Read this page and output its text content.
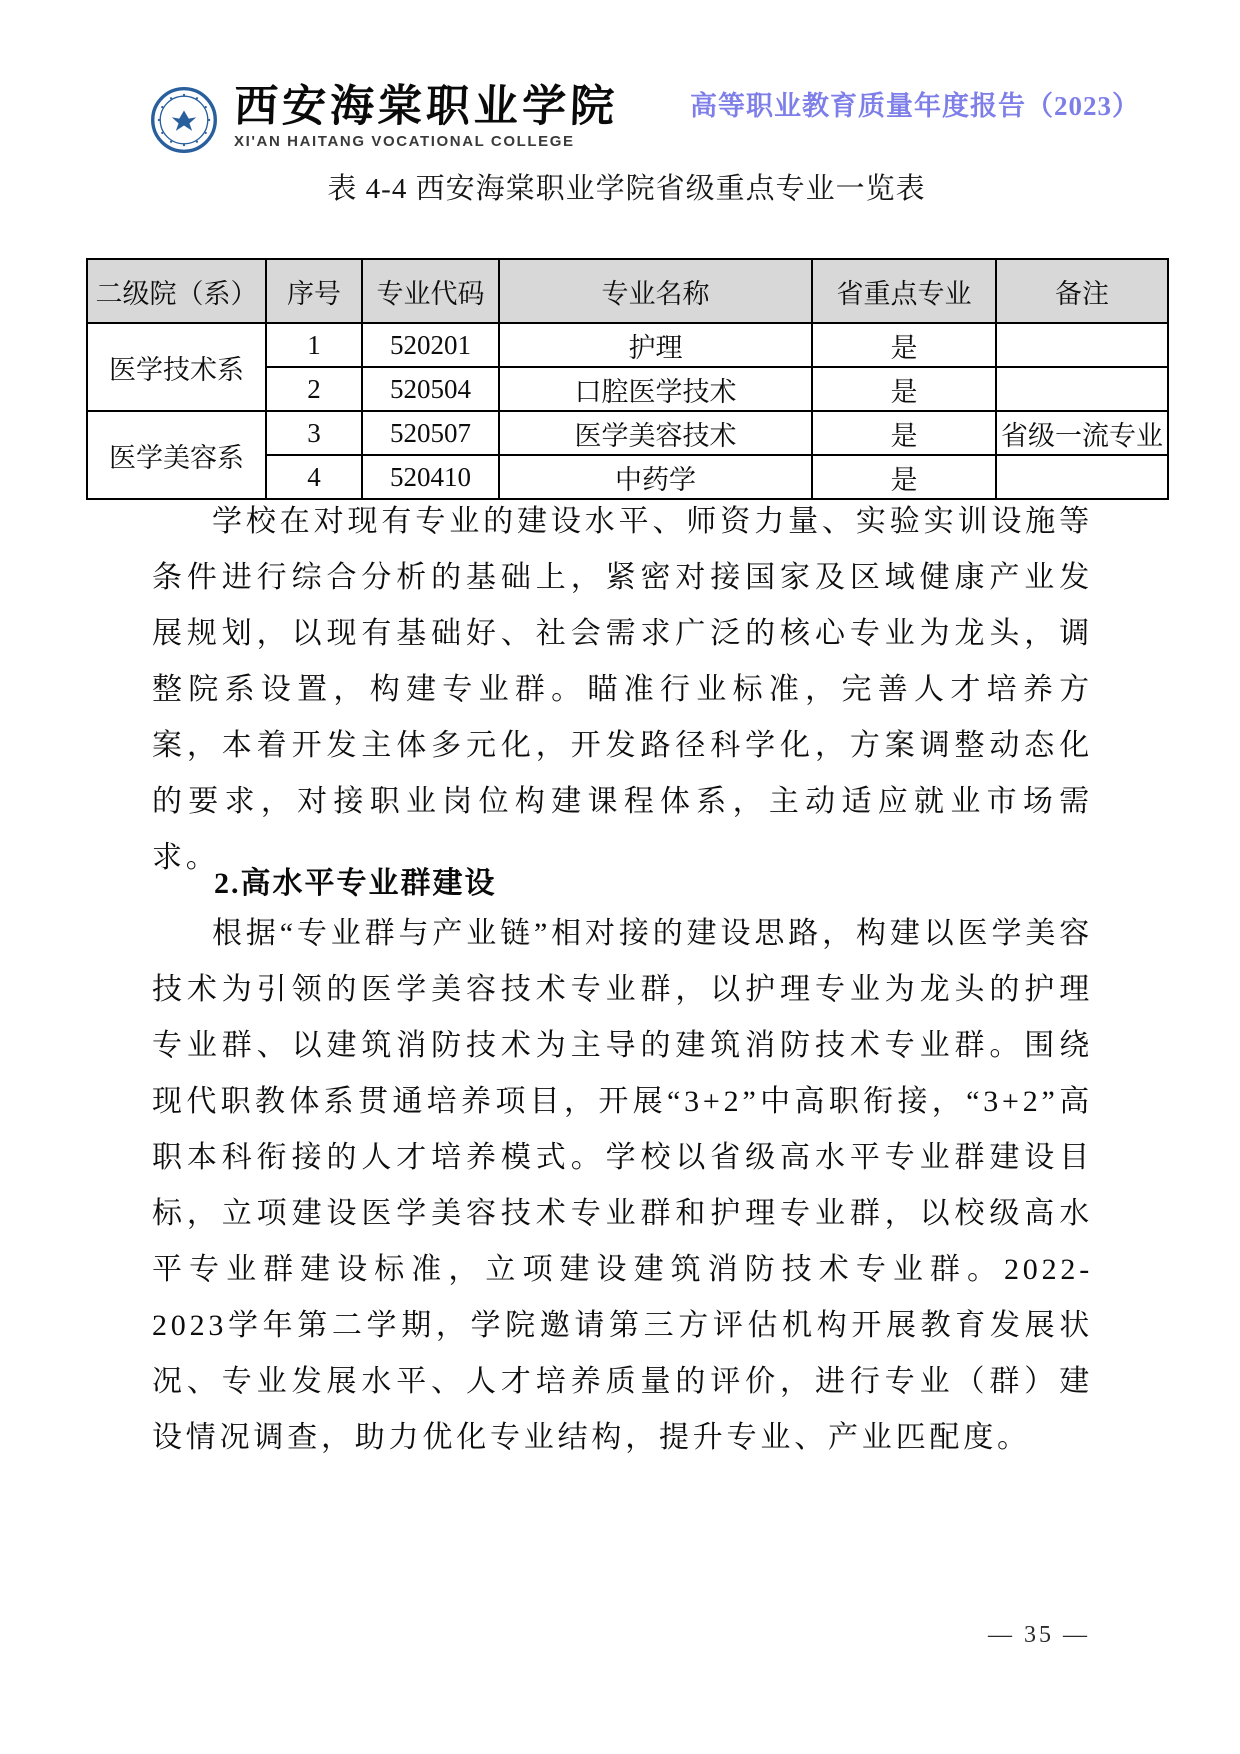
西安海棠职业学院
XI'AN HAITANG VOCATIONAL COLLEGE
高等职业教育质量年度报告（2023）
表 4-4 西安海棠职业学院省级重点专业一览表
二级院（系）	序号	专业代码	专业名称	省重点专业	备注
医学技术系	1	520201	护理	是	
	2	520504	口腔医学技术	是	
医学美容系	3	520507	医学美容技术	是	省级一流专业
	4	520410	中药学	是	
学校在对现有专业的建设水平、师资力量、实验实训设施等条件进行综合分析的基础上，紧密对接国家及区域健康产业发展规划，以现有基础好、社会需求广泛的核心专业为龙头，调整院系设置，构建专业群。瞄准行业标准，完善人才培养方案，本着开发主体多元化，开发路径科学化，方案调整动态化的要求，对接职业岗位构建课程体系，主动适应就业市场需求。
2.高水平专业群建设
根据“专业群与产业链”相对接的建设思路，构建以医学美容技术为引领的医学美容技术专业群，以护理专业为龙头的护理专业群、以建筑消防技术为主导的建筑消防技术专业群。围绕现代职教体系贯通培养项目，开展“3+2”中高职衔接，“3+2”高职本科衔接的人才培养模式。学校以省级高水平专业群建设目标，立项建设医学美容技术专业群和护理专业群，以校级高水平专业群建设标准，立项建设建筑消防技术专业群。2022-2023学年第二学期，学院邀请第三方评估机构开展教育发展状况、专业发展水平、人才培养质量的评价，进行专业（群）建设情况调查，助力优化专业结构，提升专业、产业匹配度。
— 35 —
